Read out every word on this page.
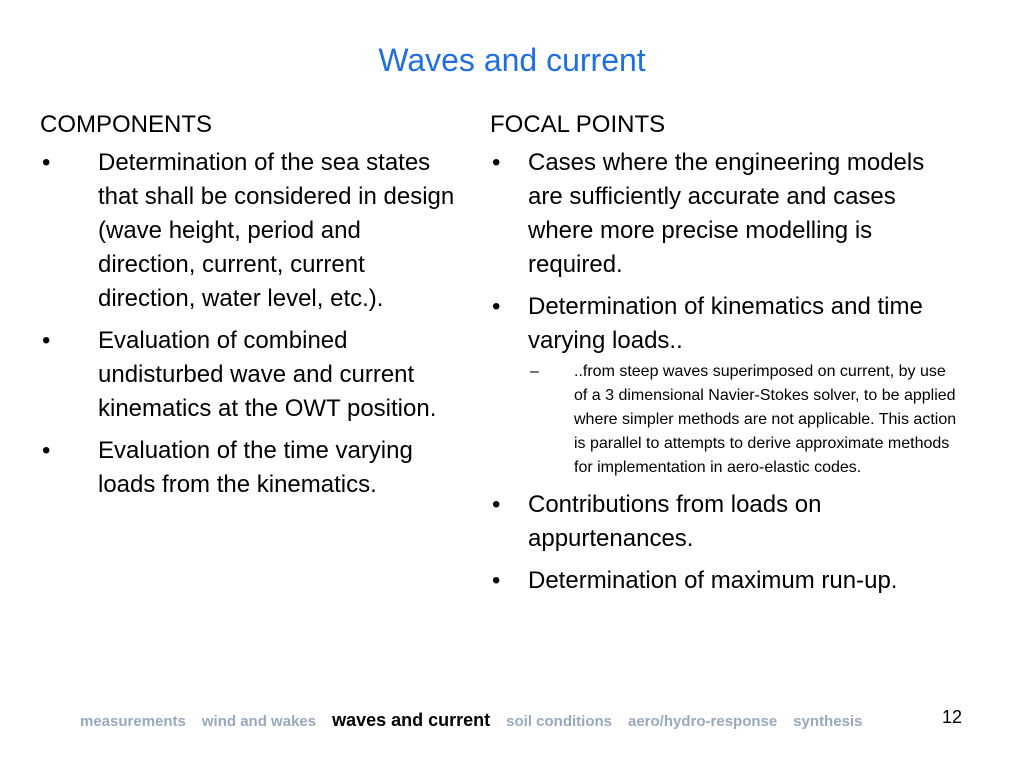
Waves and current
COMPONENTS
•	Determination of the sea states that shall be considered in design (wave height, period and direction, current, current direction, water level, etc.).
•	Evaluation of combined undisturbed wave and current kinematics at the OWT position.
•	Evaluation of the time varying loads from the kinematics.
FOCAL POINTS
•	Cases where the engineering models are sufficiently accurate and cases where more precise modelling is required.
•	Determination of kinematics and time varying loads..
–	..from steep waves superimposed on current, by use of a 3 dimensional Navier-Stokes solver, to be applied where simpler methods are not applicable. This action is parallel to attempts to derive approximate methods for implementation in aero-elastic codes.
•	Contributions from loads on appurtenances.
•	Determination of maximum run-up.
measurements wind and wakes waves and current soil conditions aero/hydro-response synthesis	12
